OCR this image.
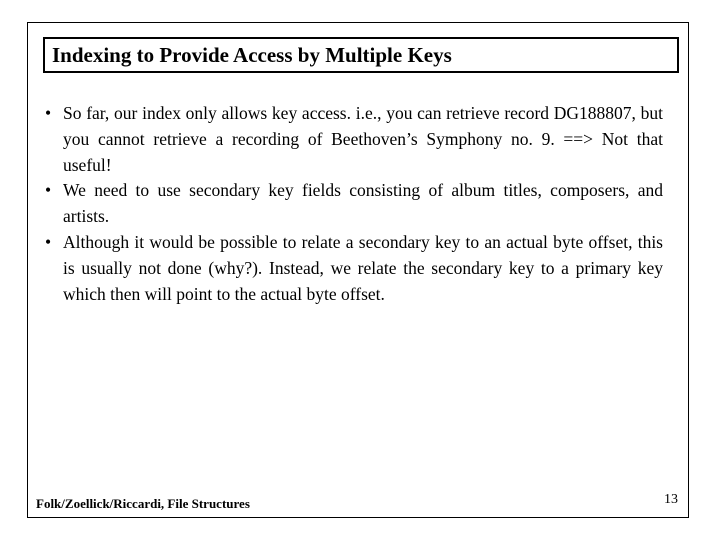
Indexing to Provide Access by Multiple Keys
• So far, our index only allows key access. i.e., you can retrieve record DG188807, but you cannot retrieve a recording of Beethoven’s Symphony no. 9. ==> Not that useful!
• We need to use secondary key fields consisting of album titles, composers, and artists.
• Although it would be possible to relate a secondary key to an actual byte offset, this is usually not done (why?). Instead, we relate the secondary key to a primary key which then will point to the actual byte offset.
Folk/Zoellick/Riccardi, File Structures	13
